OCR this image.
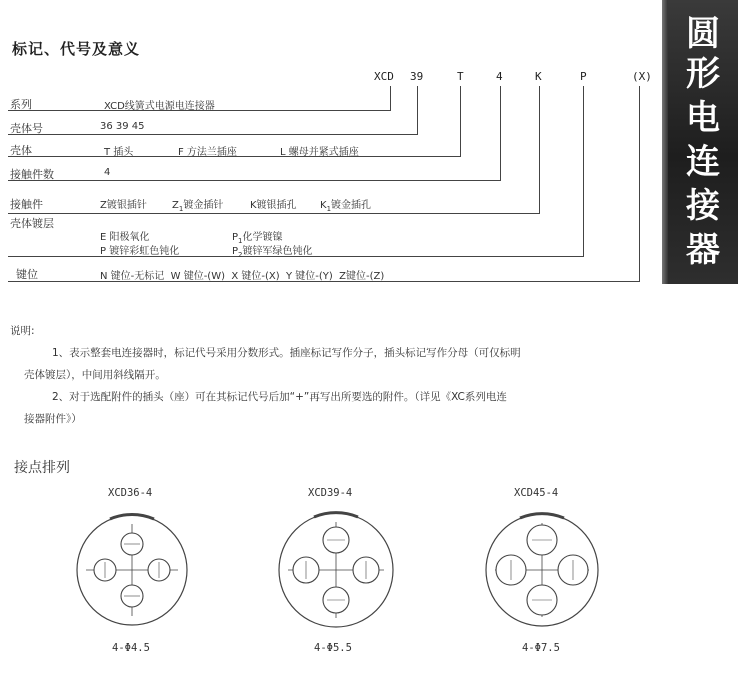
标记、代号及意义
XCD 39	T	4	K	P	(X)
系列	XCD线簧式电源电连接器
壳体号	36 39 45
壳体	T 插头	F 方法兰插座	L 螺母并紧式插座
接触件数	4
接触件	Z镀银插针	$Z_1$镀金插针	K镀银插孔 $K_1$镀金插孔
壳体镀层
E 阳极氧化	$P_1$化学镀镍
P 镀锌彩虹色钝化	$P_2$镀锌军绿色钝化
键位	N 键位-无标记  W 键位-(W)  X 键位-(X)  Y 键位-(Y)  Z键位-(Z)
圆
形
电
连
接
器
说明:
1、表示整套电连接器时，标记代号采用分数形式。插座标记写作分子，插头标记写作分母（可仅标明
壳体镀层），中间用斜线隔开。
2、对于选配附件的插头（座）可在其标记代号后加“+”再写出所要选的附件。（详见《XC系列电连
接器附件》）
接点排列
XCD36-4	XCD39-4	XCD45-4
4-Φ4.5	4-Φ5.5	4-Φ7.5
